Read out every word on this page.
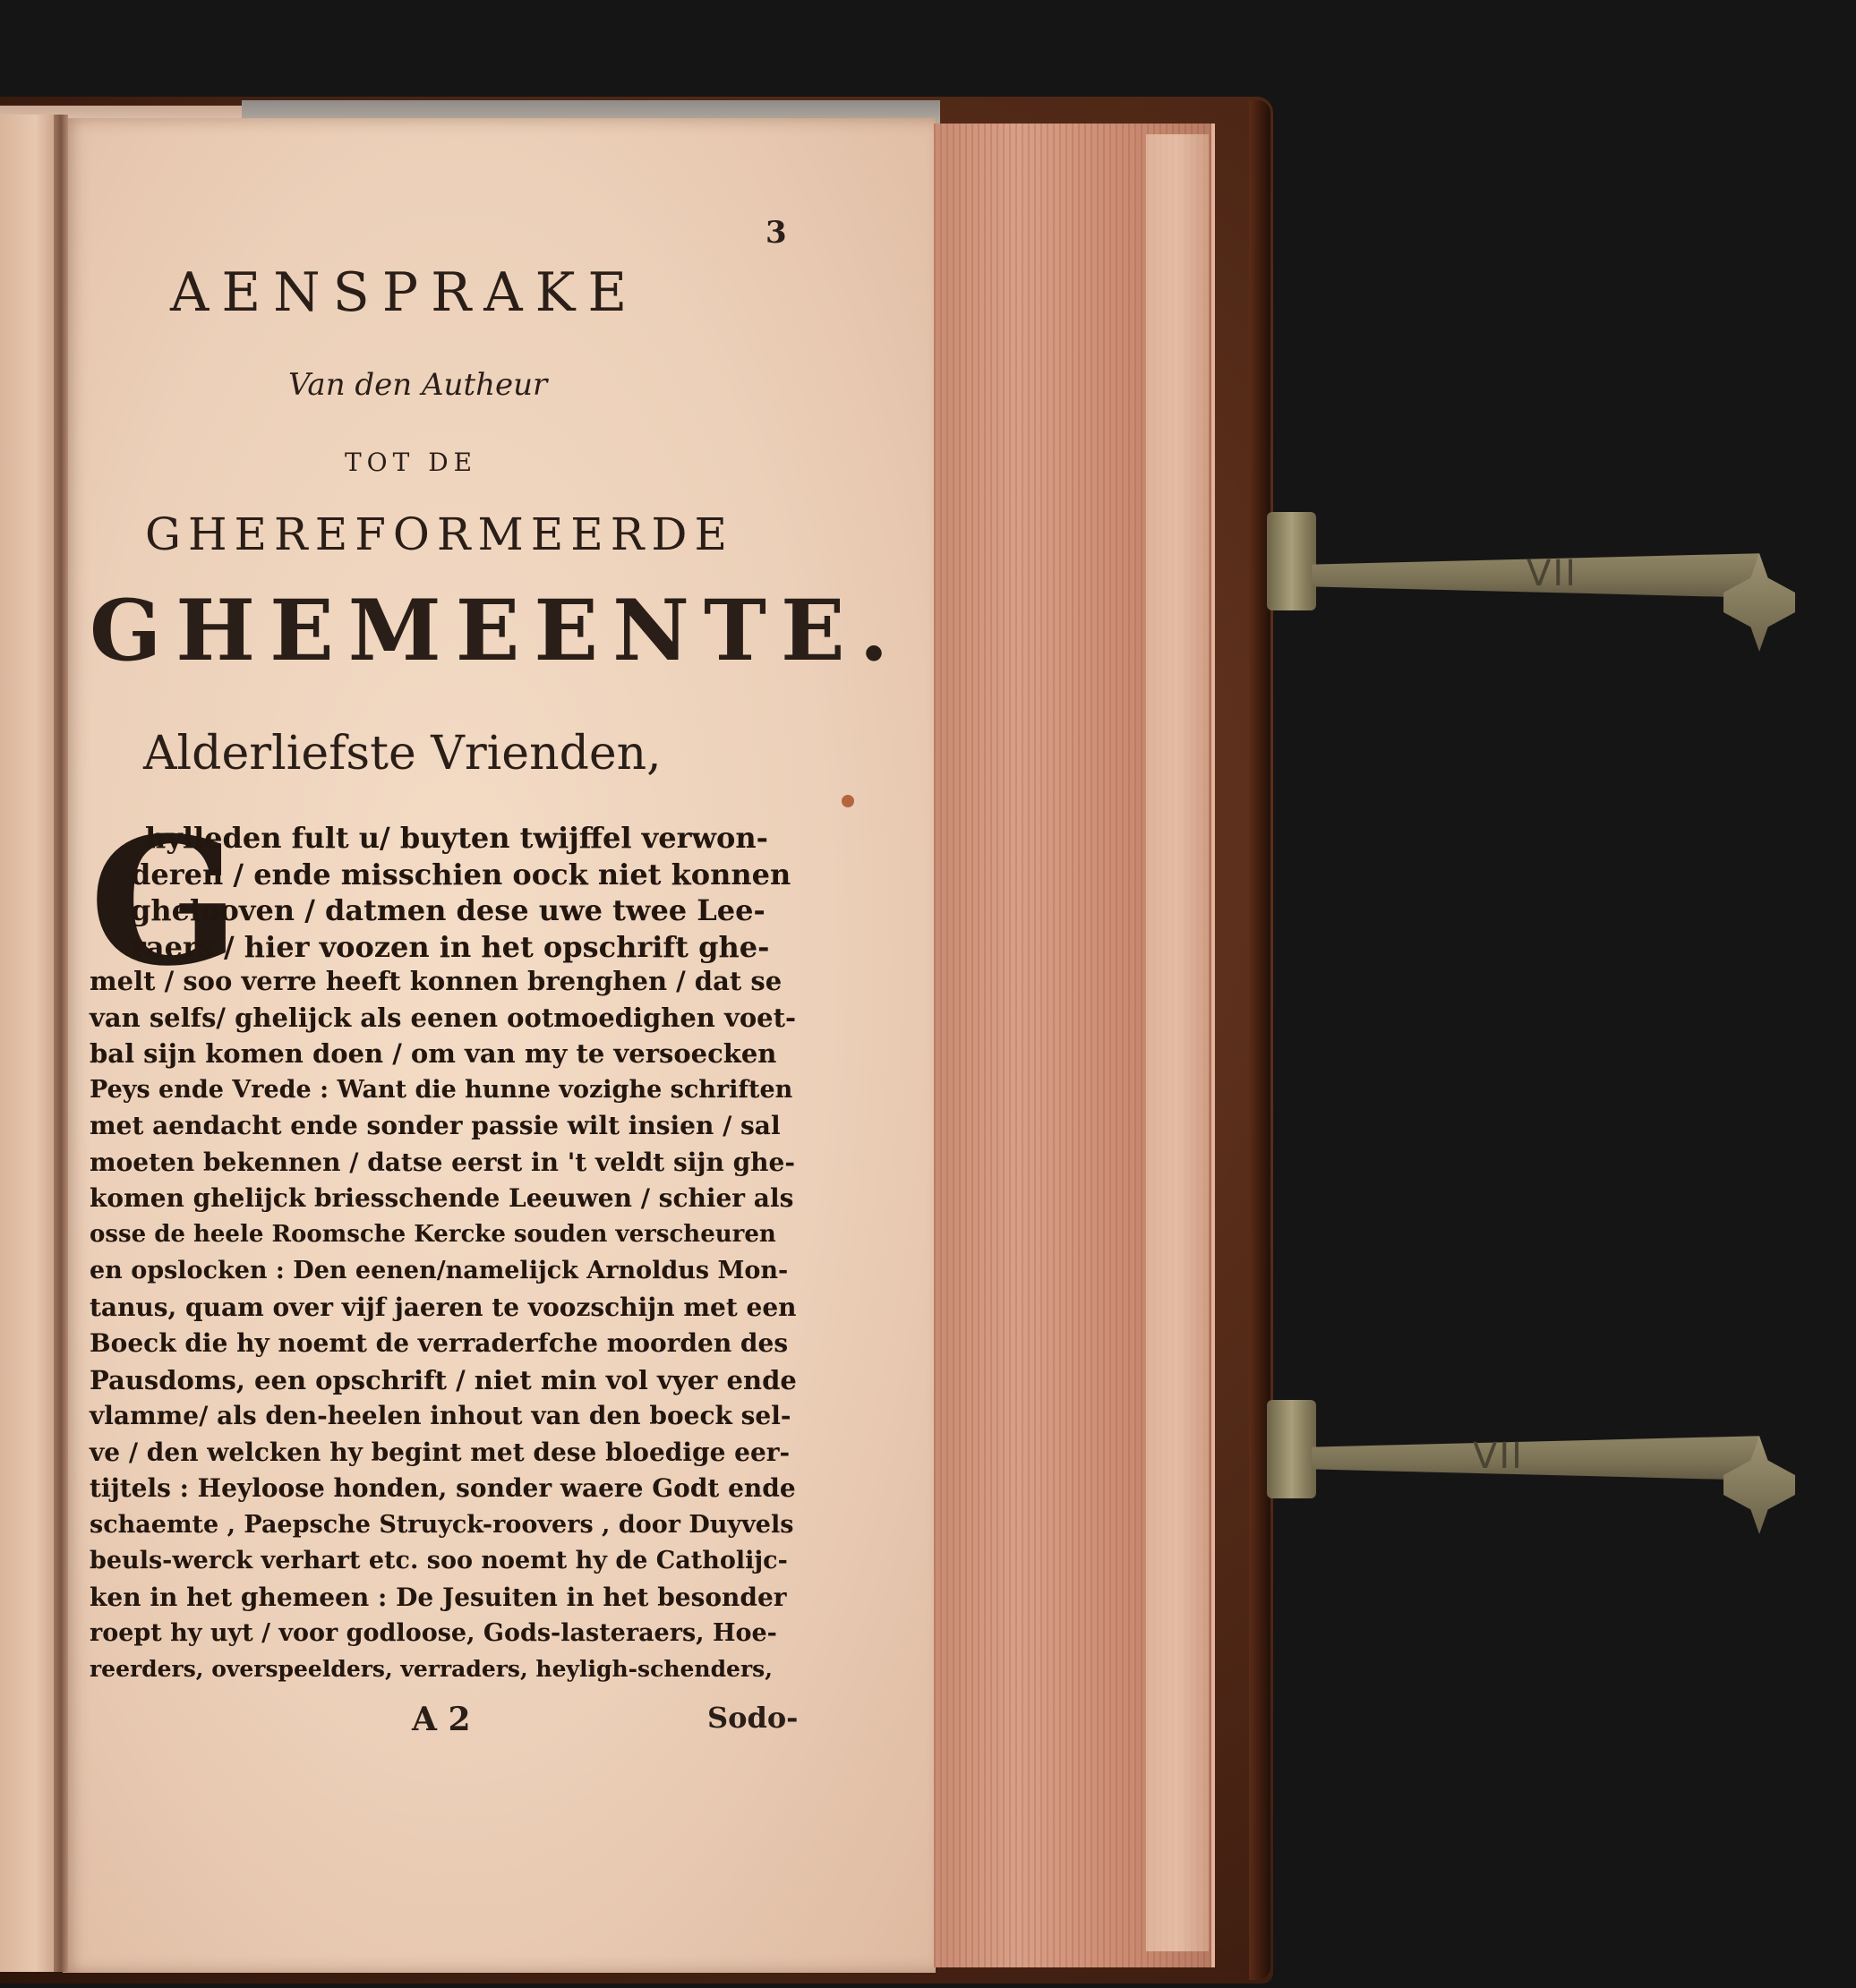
VII
VII
3
AENSPRAKE
Van den Autheur
TOT DE
GHEREFORMEERDE
GHEMEENTE.
Alderliefste Vrienden,
G
hylleden fult u/ buyten twijffel verwon-
deren / ende misschien oock niet konnen
ghelooven / datmen dese uwe twee Lee-
raers / hier voozen in het opschrift ghe-
melt / soo verre heeft konnen brenghen / dat se
van selfs/ ghelijck als eenen ootmoedighen voet-
bal sijn komen doen / om van my te versoecken
Peys ende Vrede : Want die hunne vozighe schriften
met aendacht ende sonder passie wilt insien / sal
moeten bekennen / datse eerst in 't veldt sijn ghe-
komen ghelijck briesschende Leeuwen / schier als
osse de heele Roomsche Kercke souden verscheuren
en opslocken : Den eenen/namelijck Arnoldus Mon-
tanus, quam over vijf jaeren te voozschijn met een
Boeck die hy noemt de verraderfche moorden des
Pausdoms, een opschrift / niet min vol vyer ende
vlamme/ als den-heelen inhout van den boeck sel-
ve / den welcken hy begint met dese bloedige eer-
tijtels : Heyloose honden, sonder waere Godt ende
schaemte , Paepsche Struyck-roovers , door Duyvels
beuls-werck verhart etc. soo noemt hy de Catholijc-
ken in het ghemeen : De Jesuiten in het besonder
roept hy uyt / voor godloose, Gods-lasteraers, Hoe-
reerders, overspeelders, verraders, heyligh-schenders,
A 2	Sodo-
